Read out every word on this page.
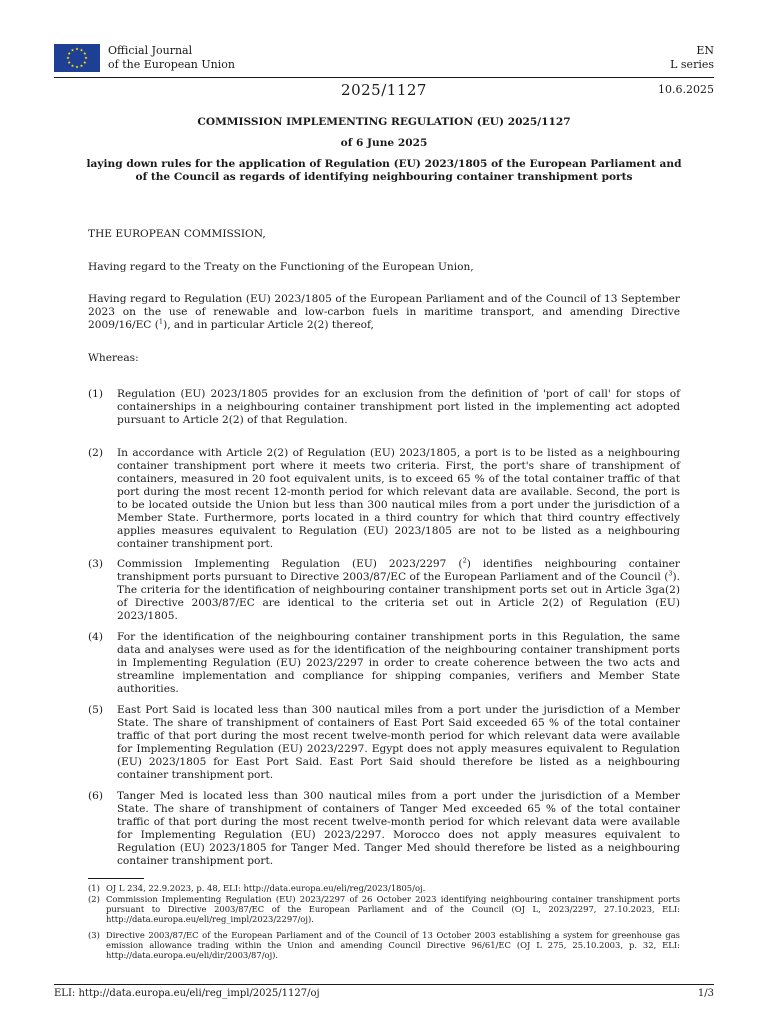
Official Journal
of the European Union
EN
L series
2025/1127	10.6.2025
COMMISSION IMPLEMENTING REGULATION (EU) 2025/1127
of 6 June 2025
laying down rules for the application of Regulation (EU) 2023/1805 of the European Parliament and
of the Council as regards of identifying neighbouring container transhipment ports
THE EUROPEAN COMMISSION,
Having regard to the Treaty on the Functioning of the European Union,
Having regard to Regulation (EU) 2023/1805 of the European Parliament and of the Council of 13 September 2023 on the use of renewable and low-carbon fuels in maritime transport, and amending Directive 2009/16/EC ($^1$), and in particular Article 2(2) thereof,
Whereas:
(1)	Regulation (EU) 2023/1805 provides for an exclusion from the definition of 'port of call' for stops of containerships in a neighbouring container transhipment port listed in the implementing act adopted pursuant to Article 2(2) of that Regulation.
(2)	In accordance with Article 2(2) of Regulation (EU) 2023/1805, a port is to be listed as a neighbouring container transhipment port where it meets two criteria. First, the port's share of transhipment of containers, measured in 20 foot equivalent units, is to exceed 65 % of the total container traffic of that port during the most recent 12-month period for which relevant data are available. Second, the port is to be located outside the Union but less than 300 nautical miles from a port under the jurisdiction of a Member State. Furthermore, ports located in a third country for which that third country effectively applies measures equivalent to Regulation (EU) 2023/1805 are not to be listed as a neighbouring container transhipment port.
(3)	Commission Implementing Regulation (EU) 2023/2297 ($^2$) identifies neighbouring container transhipment ports pursuant to Directive 2003/87/EC of the European Parliament and of the Council ($^3$). The criteria for the identification of neighbouring container transhipment ports set out in Article 3ga(2) of Directive 2003/87/EC are identical to the criteria set out in Article 2(2) of Regulation (EU) 2023/1805.
(4)	For the identification of the neighbouring container transhipment ports in this Regulation, the same data and analyses were used as for the identification of the neighbouring container transhipment ports in Implementing Regulation (EU) 2023/2297 in order to create coherence between the two acts and streamline implementation and compliance for shipping companies, verifiers and Member State authorities.
(5)	East Port Said is located less than 300 nautical miles from a port under the jurisdiction of a Member State. The share of transhipment of containers of East Port Said exceeded 65 % of the total container traffic of that port during the most recent twelve-month period for which relevant data were available for Implementing Regulation (EU) 2023/2297. Egypt does not apply measures equivalent to Regulation (EU) 2023/1805 for East Port Said. East Port Said should therefore be listed as a neighbouring container transhipment port.
(6)	Tanger Med is located less than 300 nautical miles from a port under the jurisdiction of a Member State. The share of transhipment of containers of Tanger Med exceeded 65 % of the total container traffic of that port during the most recent twelve-month period for which relevant data were available for Implementing Regulation (EU) 2023/2297. Morocco does not apply measures equivalent to Regulation (EU) 2023/1805 for Tanger Med. Tanger Med should therefore be listed as a neighbouring container transhipment port.
(1) OJ L 234, 22.9.2023, p. 48, ELI: http://data.europa.eu/eli/reg/2023/1805/oj.
(2) Commission Implementing Regulation (EU) 2023/2297 of 26 October 2023 identifying neighbouring container transhipment ports pursuant to Directive 2003/87/EC of the European Parliament and of the Council (OJ L, 2023/2297, 27.10.2023, ELI: http://data.europa.eu/eli/reg_impl/2023/2297/oj).
(3) Directive 2003/87/EC of the European Parliament and of the Council of 13 October 2003 establishing a system for greenhouse gas emission allowance trading within the Union and amending Council Directive 96/61/EC (OJ L 275, 25.10.2003, p. 32, ELI: http://data.europa.eu/eli/dir/2003/87/oj).
ELI: http://data.europa.eu/eli/reg_impl/2025/1127/oj	1/3
